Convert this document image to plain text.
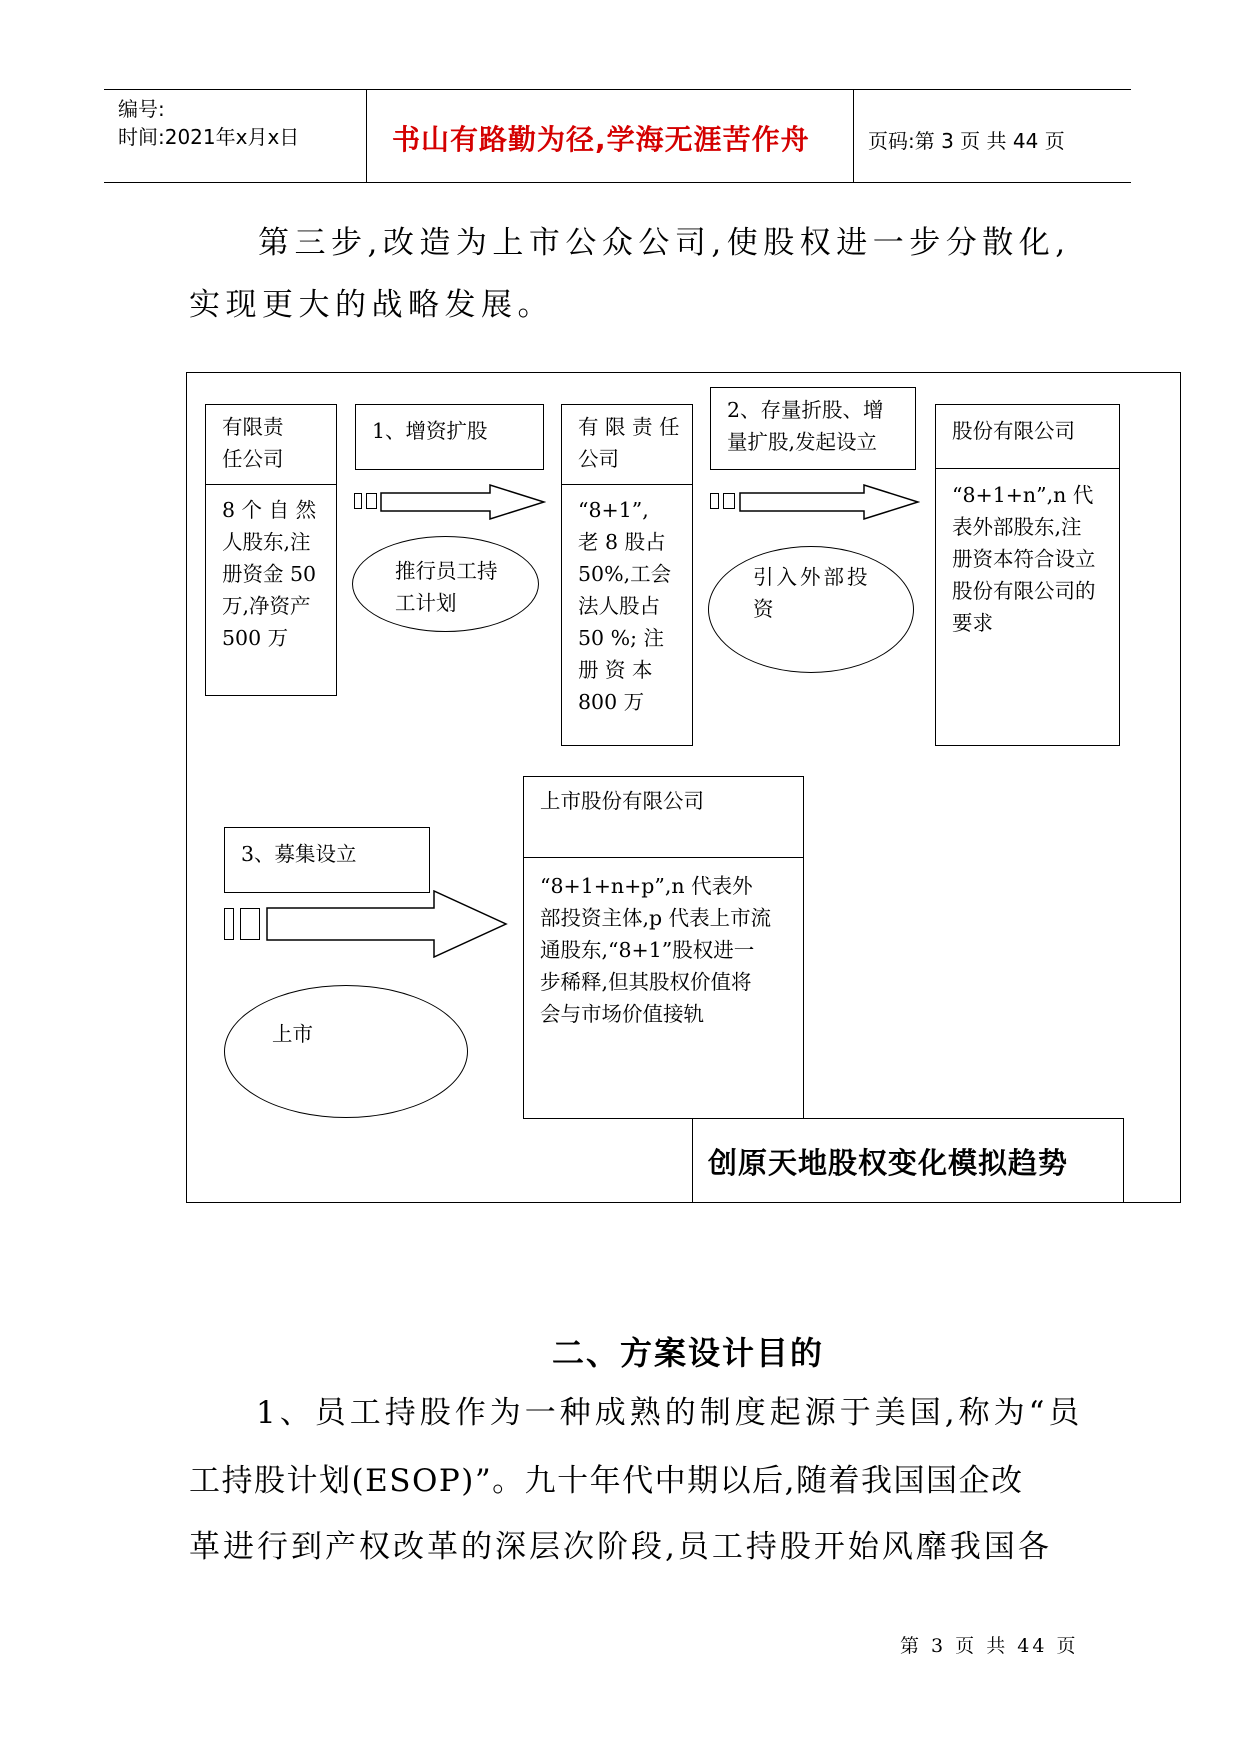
编号:
时间:2021年x月x日	书山有路勤为径,学海无涯苦作舟	页码:第 3 页 共 44 页
第三步,改造为上市公众公司,使股权进一步分散化,
实现更大的战略发展。
有限责
任公司
8 个 自 然
人股东,注
册资金 50
万,净资产
500 万
1、增资扩股
推行员工持
工计划
有 限 责 任
公司
“8+1”,
老 8 股占
50%,工会
法人股占
50 %; 注
册 资 本
800 万
2、存量折股、增
量扩股,发起设立
引入外部投
资
股份有限公司
“8+1+n”,n 代
表外部股东,注
册资本符合设立
股份有限公司的
要求
3、募集设立
上市
上市股份有限公司
“8+1+n+p”,n 代表外
部投资主体,p 代表上市流
通股东,“8+1”股权进一
步稀释,但其股权价值将
会与市场价值接轨
创原天地股权变化模拟趋势
二、方案设计目的
1、员工持股作为一种成熟的制度起源于美国,称为“员
工持股计划(ESOP)”。九十年代中期以后,随着我国国企改
革进行到产权改革的深层次阶段,员工持股开始风靡我国各
第 3 页 共 44 页
